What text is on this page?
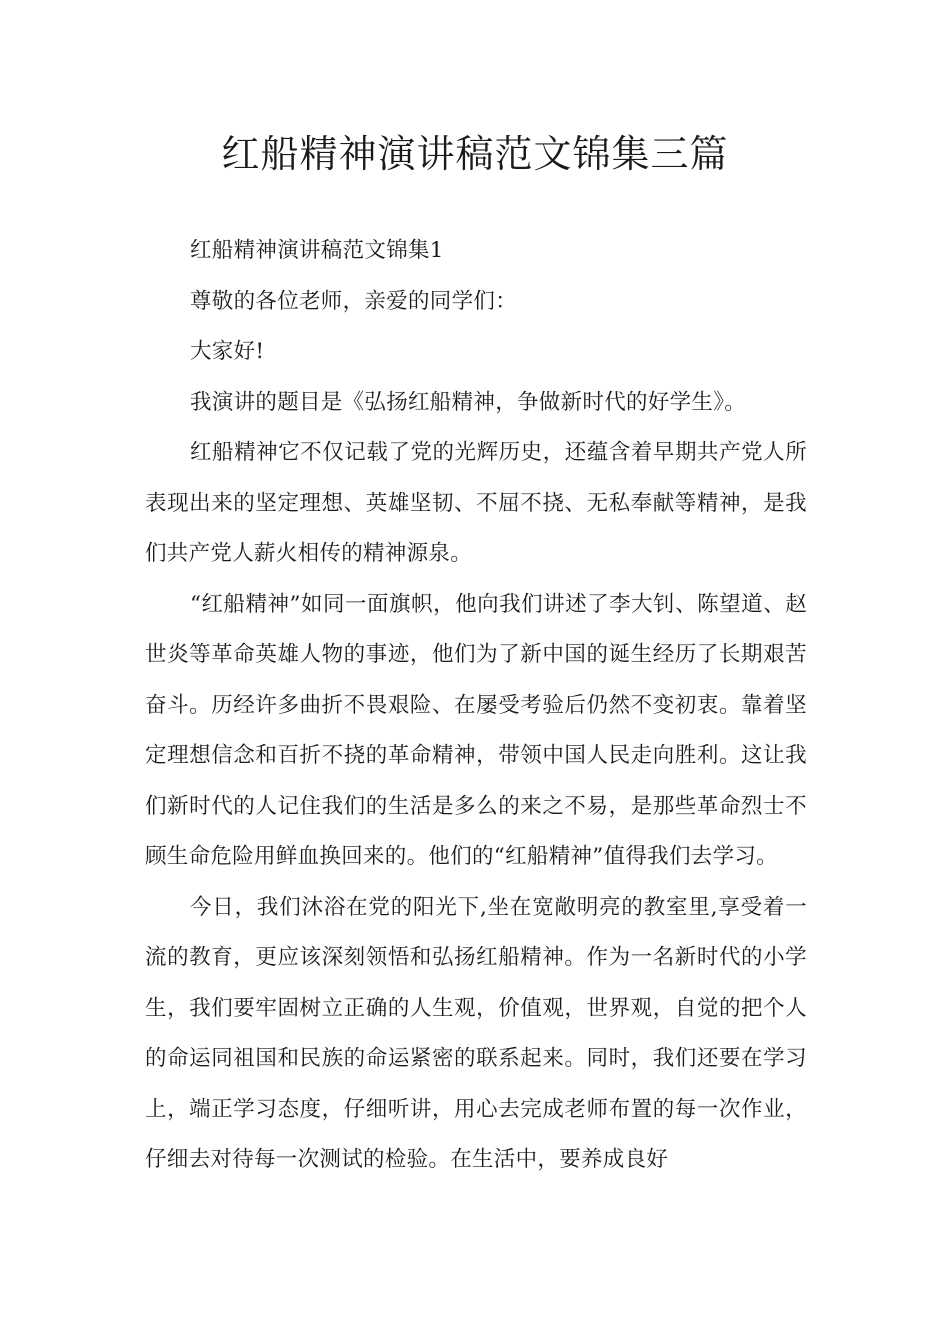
红船精神演讲稿范文锦集三篇

红船精神演讲稿范文锦集1

尊敬的各位老师，亲爱的同学们：

大家好!

我演讲的题目是《弘扬红船精神，争做新时代的好学生》。

红船精神它不仅记载了党的光辉历史，还蕴含着早期共产党人所表现出来的坚定理想、英雄坚韧、不屈不挠、无私奉献等精神，是我们共产党人薪火相传的精神源泉。

“红船精神”如同一面旗帜，他向我们讲述了李大钊、陈望道、赵世炎等革命英雄人物的事迹，他们为了新中国的诞生经历了长期艰苦奋斗。历经许多曲折不畏艰险、在屡受考验后仍然不变初衷。靠着坚定理想信念和百折不挠的革命精神，带领中国人民走向胜利。这让我们新时代的人记住我们的生活是多么的来之不易，是那些革命烈士不顾生命危险用鲜血换回来的。他们的“红船精神”值得我们去学习。

今日，我们沐浴在党的阳光下,坐在宽敞明亮的教室里,享受着一流的教育，更应该深刻领悟和弘扬红船精神。作为一名新时代的小学生，我们要牢固树立正确的人生观，价值观，世界观，自觉的把个人的命运同祖国和民族的命运紧密的联系起来。同时，我们还要在学习上，端正学习态度，仔细听讲，用心去完成老师布置的每一次作业，仔细去对待每一次测试的检验。在生活中，要养成良好
